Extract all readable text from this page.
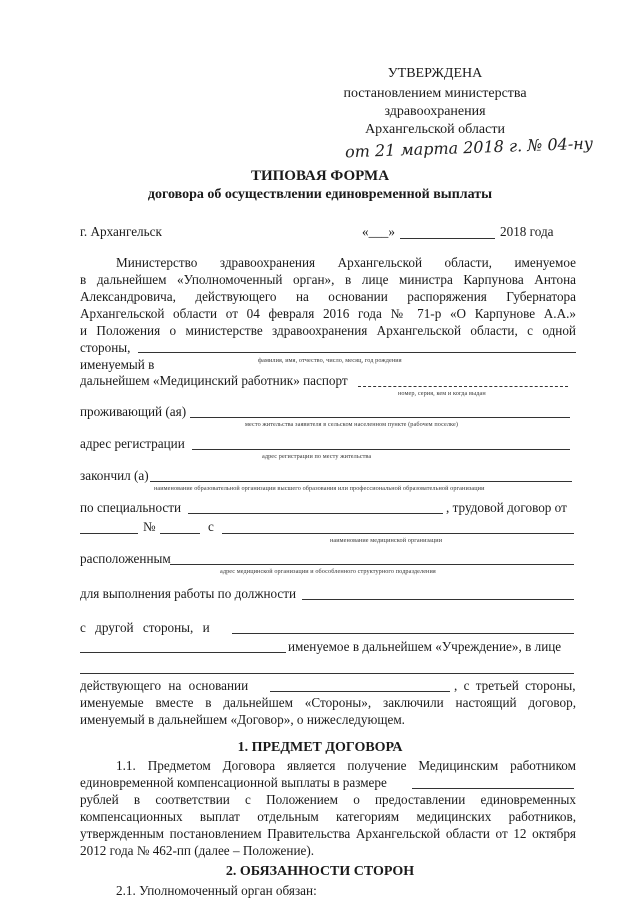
УТВЕРЖДЕНА
постановлением министерства
здравоохранения
Архангельской области
от 21 марта 2018 г. № 04-ну
ТИПОВАЯ ФОРМА
договора об осуществлении единовременной выплаты
г. Архангельск	«___»	2018 года
Министерство здравоохранения Архангельской области, именуемое
в дальнейшем «Уполномоченный орган», в лице министра Карпунова Антона
Александровича, действующего на основании распоряжения Губернатора
Архангельской области от 04 февраля 2016 года № 71-р «О Карпунове А.А.»
и Положения о министерстве здравоохранения Архангельской области, с одной
стороны,
фамилия, имя, отчество, число, месяц, год рождения
именуемый в
дальнейшем «Медицинский работник» паспорт
номер, серия, кем и когда выдан
проживающий (ая)
место жительства заявителя в сельском населенном пункте (рабочем поселке)
адрес регистрации
адрес регистрации по месту жительства
закончил (а)
наименование образовательной организации высшего образования или профессиональной образовательной организации
по специальности	, трудовой договор от
№	с
наименование медицинской организации
расположенным
адрес медицинской организации и обособленного структурного подразделения
для выполнения работы по должности
с другой стороны, и
именуемое в дальнейшем «Учреждение», в лице
действующего на основании	, с третьей стороны,
именуемые вместе в дальнейшем «Стороны», заключили настоящий договор,
именуемый в дальнейшем «Договор», о нижеследующем.
1. ПРЕДМЕТ ДОГОВОРА
1.1. Предметом Договора является получение Медицинским работником
единовременной компенсационной выплаты в размере
рублей в соответствии с Положением о предоставлении единовременных
компенсационных выплат отдельным категориям медицинских работников,
утвержденным постановлением Правительства Архангельской области от 12 октября
2012 года № 462-пп (далее – Положение).
2. ОБЯЗАННОСТИ СТОРОН
2.1. Уполномоченный орган обязан:
